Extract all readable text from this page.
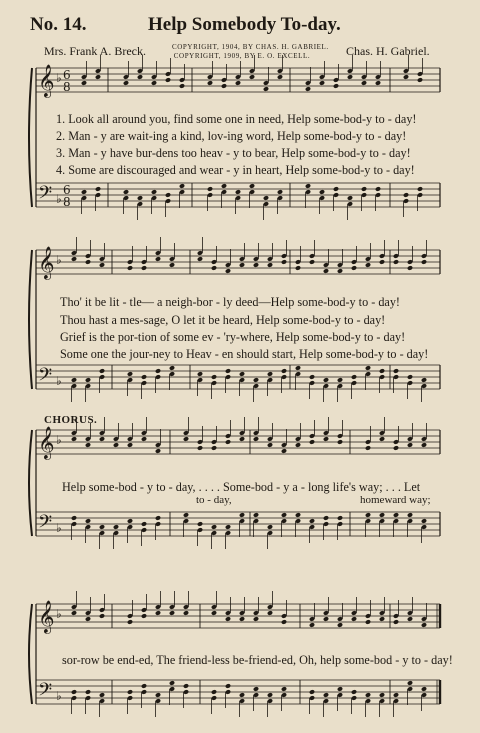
No. 14.	Help Somebody To-day.
Mrs. Frank A. Breck.	Chas. H. Gabriel.
COPYRIGHT, 1904, BY CHAS. H. GABRIEL.
COPYRIGHT, 1909, BY E. O. EXCELL.
𝄞
𝄢
♭
♭
6
8
6
8
𝄞
𝄢
♭
♭
𝄞
𝄢
♭
♭
𝄞
𝄢
♭
♭
1. Look all around you, find some one in need, Help some-bod-y to - day!
2. Man - y are wait-ing a kind, lov-ing word, Help some-bod-y to - day!
3. Man - y have bur-dens too heav - y to bear, Help some-bod-y to - day!
4. Some are discouraged and wear - y in heart, Help some-bod-y to - day!
Tho' it be lit - tle— a neigh-bor - ly deed—Help some-bod-y to - day!
Thou hast a mes-sage, O let it be heard, Help some-bod-y to - day!
Grief is the por-tion of some ev - 'ry-where, Help some-bod-y to - day!
Some one the jour-ney to Heav - en should start, Help some-bod-y to - day!
CHORUS.
Help some-bod - y to - day, . . . . Some-bod - y a - long life's way; . . . Let
to - day,	homeward way;
sor-row be end-ed, The friend-less be-friend-ed, Oh, help some-bod - y to - day!
